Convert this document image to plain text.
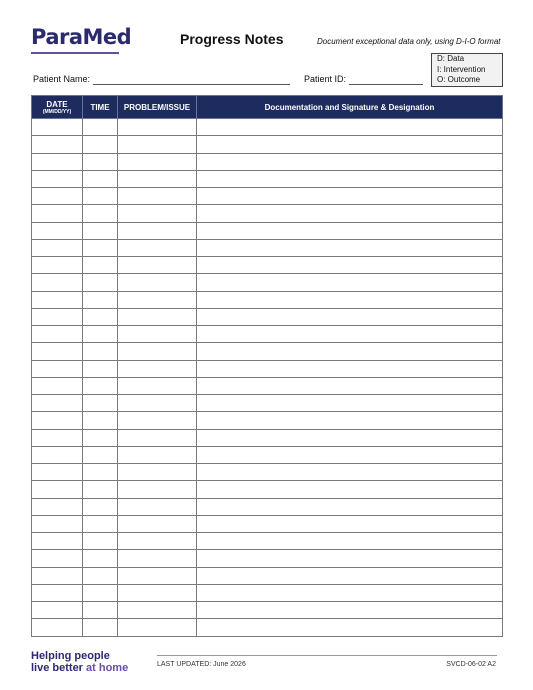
ParaMed	Progress Notes	Document exceptional data only, using D-I-O format
D: Data
I: Intervention
O: Outcome
Patient Name:	Patient ID:
DATE
(MM/DD/YY)	TIME	PROBLEM/ISSUE	Documentation and Signature & Designation

Helping people
live better at home	LAST UPDATED: June 2026	SVCD-06-02 A2
